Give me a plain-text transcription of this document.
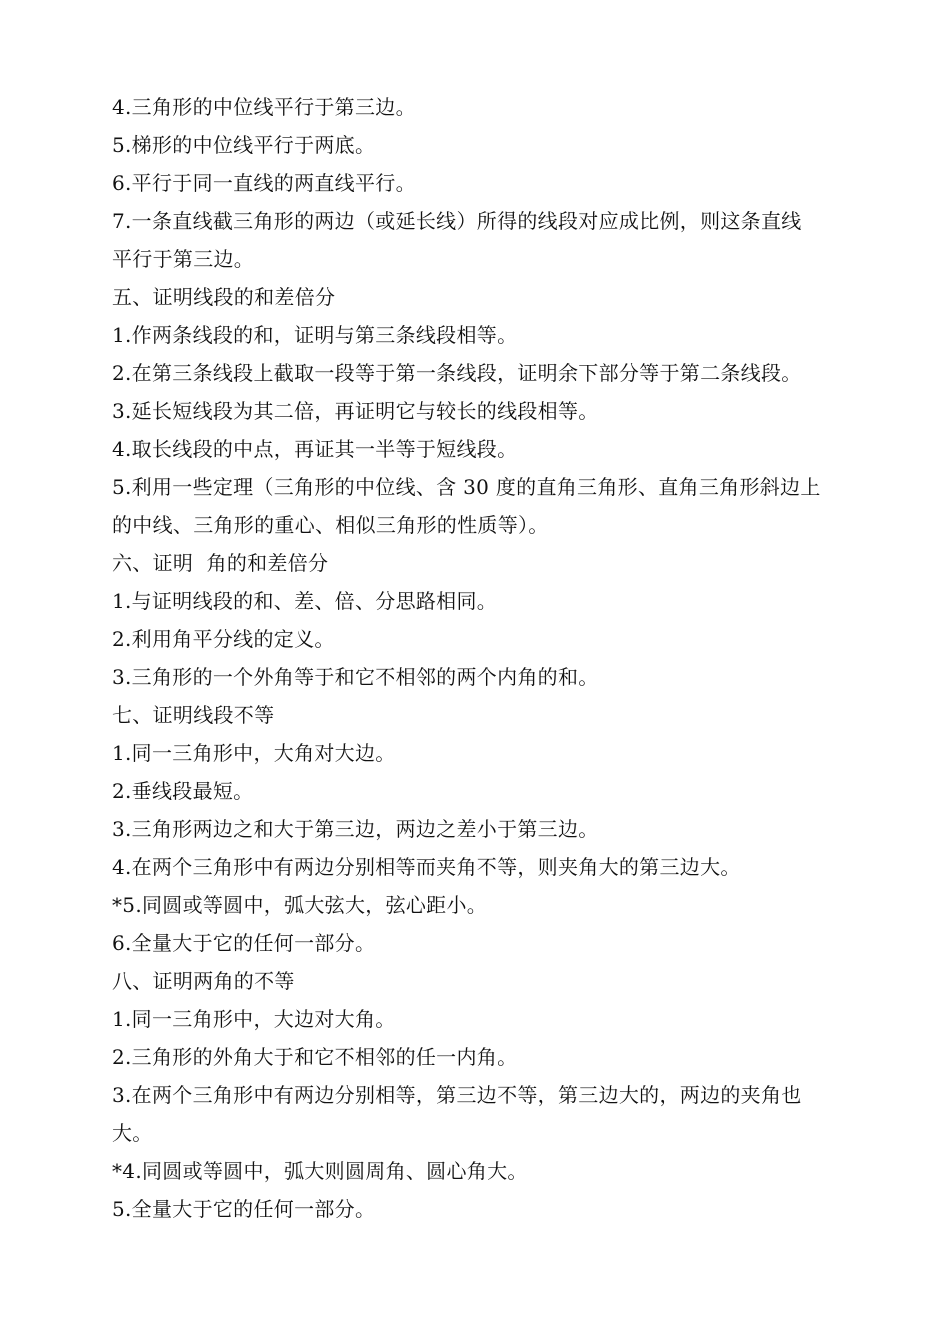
4.三角形的中位线平行于第三边。
5.梯形的中位线平行于两底。
6.平行于同一直线的两直线平行。
7.一条直线截三角形的两边（或延长线）所得的线段对应成比例，则这条直线
平行于第三边。
五、证明线段的和差倍分
1.作两条线段的和，证明与第三条线段相等。
2.在第三条线段上截取一段等于第一条线段，证明余下部分等于第二条线段。
3.延长短线段为其二倍，再证明它与较长的线段相等。
4.取长线段的中点，再证其一半等于短线段。
5.利用一些定理（三角形的中位线、含 30 度的直角三角形、直角三角形斜边上
的中线、三角形的重心、相似三角形的性质等）。
六、证明  角的和差倍分
1.与证明线段的和、差、倍、分思路相同。
2.利用角平分线的定义。
3.三角形的一个外角等于和它不相邻的两个内角的和。
七、证明线段不等
1.同一三角形中，大角对大边。
2.垂线段最短。
3.三角形两边之和大于第三边，两边之差小于第三边。
4.在两个三角形中有两边分别相等而夹角不等，则夹角大的第三边大。
*5.同圆或等圆中，弧大弦大，弦心距小。
6.全量大于它的任何一部分。
八、证明两角的不等
1.同一三角形中，大边对大角。
2.三角形的外角大于和它不相邻的任一内角。
3.在两个三角形中有两边分别相等，第三边不等，第三边大的，两边的夹角也
大。
*4.同圆或等圆中，弧大则圆周角、圆心角大。
5.全量大于它的任何一部分。
